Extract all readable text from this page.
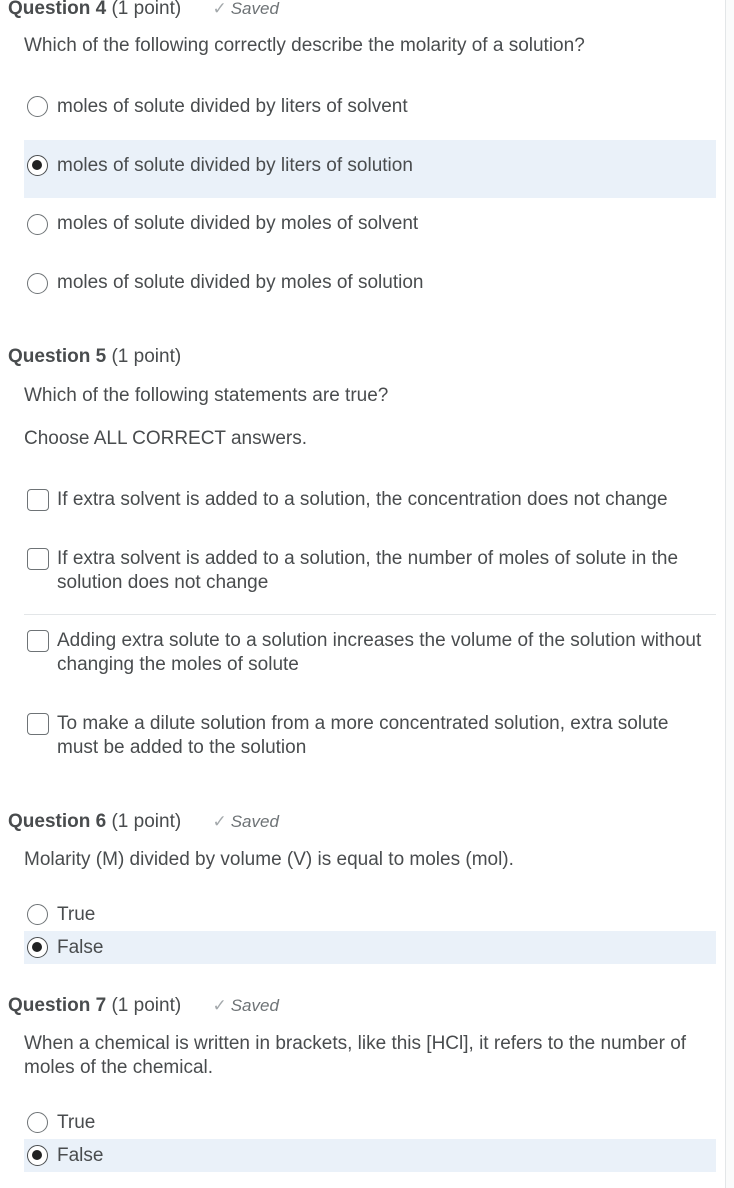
Question 4 (1 point) ✓ Saved
Which of the following correctly describe the molarity of a solution?
moles of solute divided by liters of solvent
moles of solute divided by liters of solution
moles of solute divided by moles of solvent
moles of solute divided by moles of solution
Question 5 (1 point)
Which of the following statements are true?
Choose ALL CORRECT answers.
If extra solvent is added to a solution, the concentration does not change
If extra solvent is added to a solution, the number of moles of solute in the solution does not change
Adding extra solute to a solution increases the volume of the solution without changing the moles of solute
To make a dilute solution from a more concentrated solution, extra solute must be added to the solution
Question 6 (1 point) ✓ Saved
Molarity (M) divided by volume (V) is equal to moles (mol).
True
False
Question 7 (1 point) ✓ Saved
When a chemical is written in brackets, like this [HCl], it refers to the number of moles of the chemical.
True
False
